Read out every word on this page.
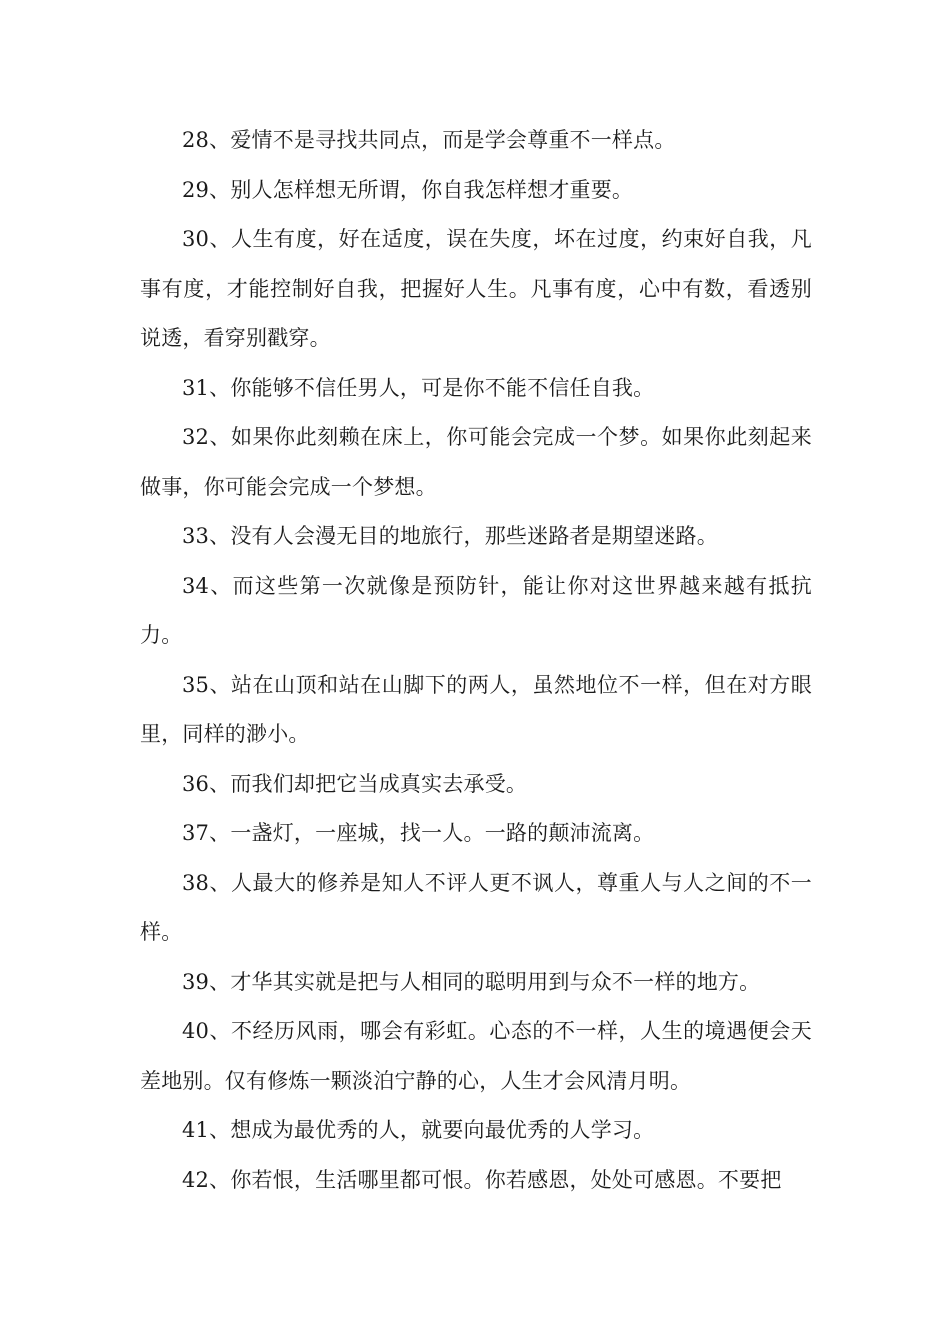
28、爱情不是寻找共同点，而是学会尊重不一样点。

29、别人怎样想无所谓，你自我怎样想才重要。

30、人生有度，好在适度，误在失度，坏在过度，约束好自我，凡事有度，才能控制好自我，把握好人生。凡事有度，心中有数，看透别说透，看穿别戳穿。

31、你能够不信任男人，可是你不能不信任自我。

32、如果你此刻赖在床上，你可能会完成一个梦。如果你此刻起来做事，你可能会完成一个梦想。

33、没有人会漫无目的地旅行，那些迷路者是期望迷路。

34、而这些第一次就像是预防针，能让你对这世界越来越有抵抗力。

35、站在山顶和站在山脚下的两人，虽然地位不一样，但在对方眼里，同样的渺小。

36、而我们却把它当成真实去承受。

37、一盏灯，一座城，找一人。一路的颠沛流离。

38、人最大的修养是知人不评人更不讽人，尊重人与人之间的不一样。

39、才华其实就是把与人相同的聪明用到与众不一样的地方。

40、不经历风雨，哪会有彩虹。心态的不一样，人生的境遇便会天差地别。仅有修炼一颗淡泊宁静的心，人生才会风清月明。

41、想成为最优秀的人，就要向最优秀的人学习。

42、你若恨，生活哪里都可恨。你若感恩，处处可感恩。不要把
